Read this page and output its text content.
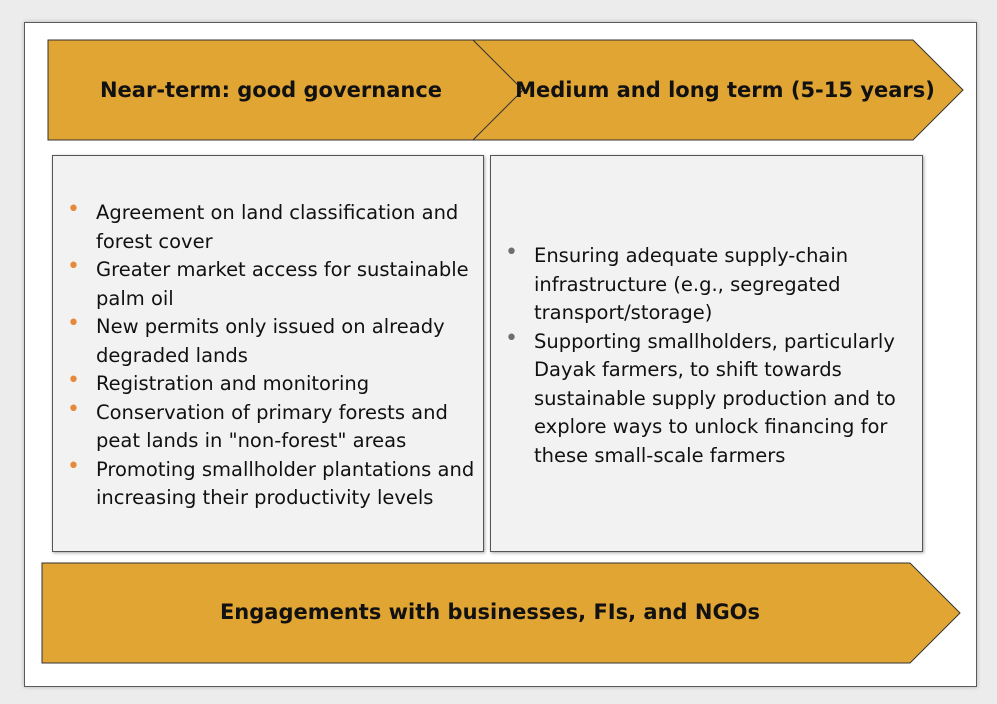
Near-term: good governance	Medium and long term (5-15 years)
Engagements with businesses, FIs, and NGOs
• Agreement on land classification and forest cover
• Greater market access for sustainable palm oil
• New permits only issued on already degraded lands
• Registration and monitoring
• Conservation of primary forests and peat lands in "non-forest" areas
• Promoting smallholder plantations and increasing their productivity levels
• Ensuring adequate supply-chain infrastructure (e.g., segregated transport/storage)
• Supporting smallholders, particularly Dayak farmers, to shift towards sustainable supply production and to explore ways to unlock financing for these small-scale farmers
